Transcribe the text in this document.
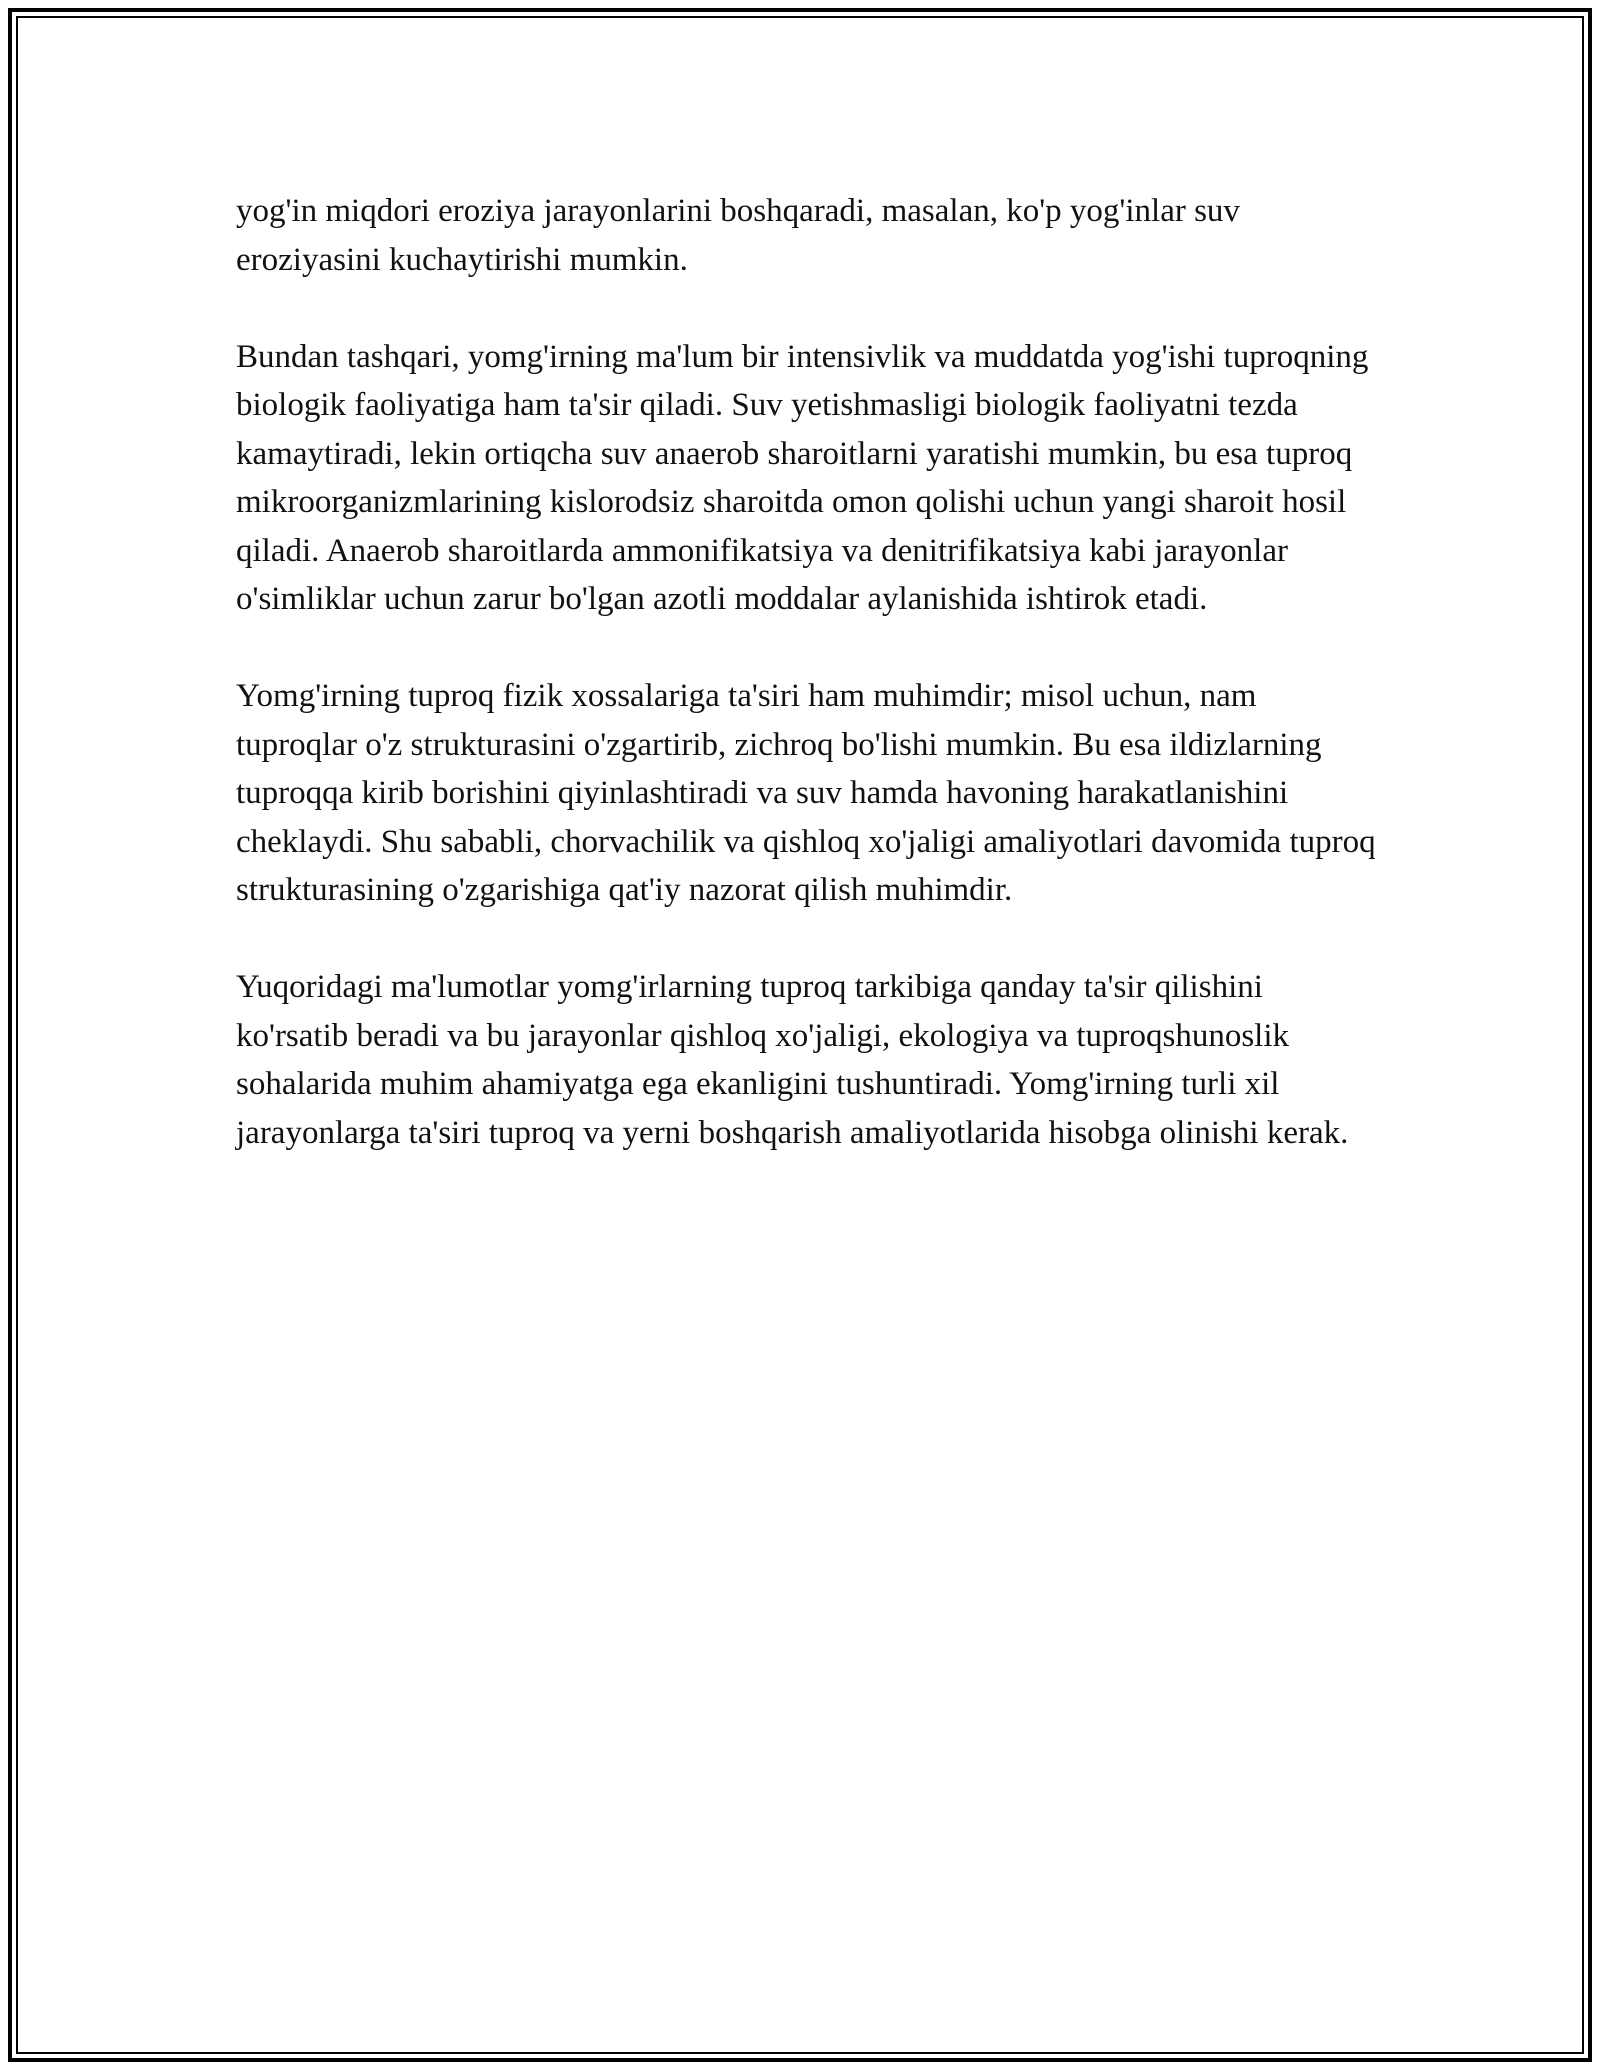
yog'in miqdori eroziya jarayonlarini boshqaradi, masalan, ko'p yog'inlar suv eroziyasini kuchaytirishi mumkin.

Bundan tashqari, yomg'irning ma'lum bir intensivlik va muddatda yog'ishi tuproqning biologik faoliyatiga ham ta'sir qiladi. Suv yetishmasligi biologik faoliyatni tezda kamaytiradi, lekin ortiqcha suv anaerob sharoitlarni yaratishi mumkin, bu esa tuproq mikroorganizmlarining kislorodsiz sharoitda omon qolishi uchun yangi sharoit hosil qiladi. Anaerob sharoitlarda ammonifikatsiya va denitrifikatsiya kabi jarayonlar o'simliklar uchun zarur bo'lgan azotli moddalar aylanishida ishtirok etadi.

Yomg'irning tuproq fizik xossalariga ta'siri ham muhimdir; misol uchun, nam tuproqlar o'z strukturasini o'zgartirib, zichroq bo'lishi mumkin. Bu esa ildizlarning tuproqqa kirib borishini qiyinlashtiradi va suv hamda havoning harakatlanishini cheklaydi. Shu sababli, chorvachilik va qishloq xo'jaligi amaliyotlari davomida tuproq strukturasining o'zgarishiga qat'iy nazorat qilish muhimdir.

Yuqoridagi ma'lumotlar yomg'irlarning tuproq tarkibiga qanday ta'sir qilishini ko'rsatib beradi va bu jarayonlar qishloq xo'jaligi, ekologiya va tuproqshunoslik sohalarida muhim ahamiyatga ega ekanligini tushuntiradi. Yomg'irning turli xil jarayonlarga ta'siri tuproq va yerni boshqarish amaliyotlarida hisobga olinishi kerak.
